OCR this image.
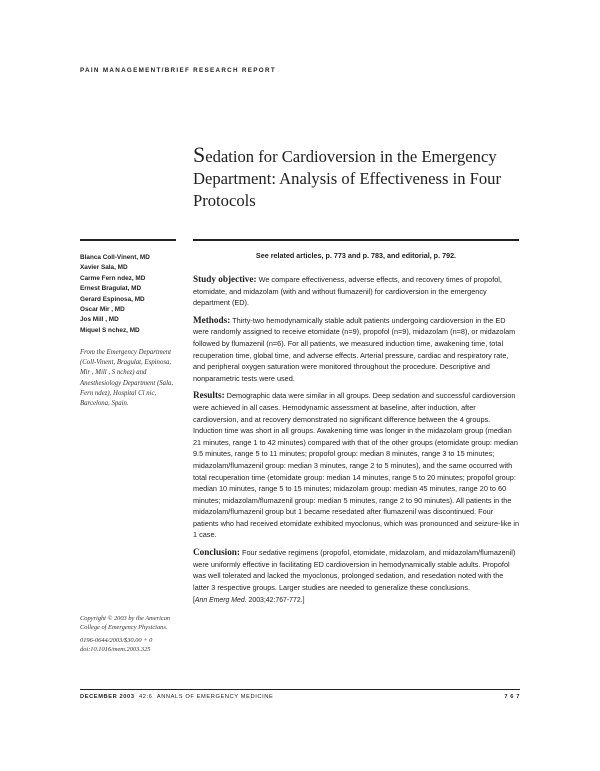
PAIN MANAGEMENT/BRIEF RESEARCH REPORT
Sedation for Cardioversion in the Emergency Department: Analysis of Effectiveness in Four Protocols
Blanca Coll-Vinent, MD
Xavier Sala, MD
Carme Fern ndez, MD
Ernest Bragulat, MD
Gerard Espinosa, MD
Oscar Mir , MD
Jos Mill , MD
Miquel S nchez, MD
From the Emergency Department (Coll-Vinent, Bragulat, Espinosa, Mir , Mill , S nchez) and Anesthesiology Department (Sala, Fern ndez), Hospital Cl nic, Barcelona, Spain.
See related articles, p. 773 and p. 783, and editorial, p. 792.

Study objective: We compare effectiveness, adverse effects, and recovery times of propofol, etomidate, and midazolam (with and without flumazenil) for cardioversion in the emergency department (ED).

Methods: Thirty-two hemodynamically stable adult patients undergoing cardioversion in the ED were randomly assigned to receive etomidate (n=9), propofol (n=9), midazolam (n=8), or midazolam followed by flumazenil (n=6). For all patients, we measured induction time, awakening time, total recuperation time, global time, and adverse effects. Arterial pressure, cardiac and respiratory rate, and peripheral oxygen saturation were monitored throughout the procedure. Descriptive and nonparametric tests were used.

Results: Demographic data were similar in all groups. Deep sedation and successful cardioversion were achieved in all cases. Hemodynamic assessment at baseline, after induction, after cardioversion, and at recovery demonstrated no significant difference between the 4 groups. Induction time was short in all groups. Awakening time was longer in the midazolam group (median 21 minutes, range 1 to 42 minutes) compared with that of the other groups (etomidate group: median 9.5 minutes, range 5 to 11 minutes; propofol group: median 8 minutes, range 3 to 15 minutes; midazolam/flumazenil group: median 3 minutes, range 2 to 5 minutes), and the same occurred with total recuperation time (etomidate group: median 14 minutes, range 5 to 20 minutes; propofol group: median 10 minutes, range 5 to 15 minutes; midazolam group: median 45 minutes, range 20 to 60 minutes; midazolam/flumazenil group: median 5 minutes, range 2 to 90 minutes). All patients in the midazolam/flumazenil group but 1 became resedated after flumazenil was discontinued. Four patients who had received etomidate exhibited myoclonus, which was pronounced and seizure-like in 1 case.

Conclusion: Four sedative regimens (propofol, etomidate, midazolam, and midazolam/flumazenil) were uniformly effective in facilitating ED cardioversion in hemodynamically stable adults. Propofol was well tolerated and lacked the myoclonus, prolonged sedation, and resedation noted with the latter 3 respective groups. Larger studies are needed to generalize these conclusions.

[Ann Emerg Med. 2003;42:767-772.]
Copyright © 2003 by the American College of Emergency Physicians.
0196-0644/2003/$30.00 + 0
doi:10.1016/mem.2003.325
DECEMBER 2003 42:6 ANNALS OF EMERGENCY MEDICINE	7 6 7
